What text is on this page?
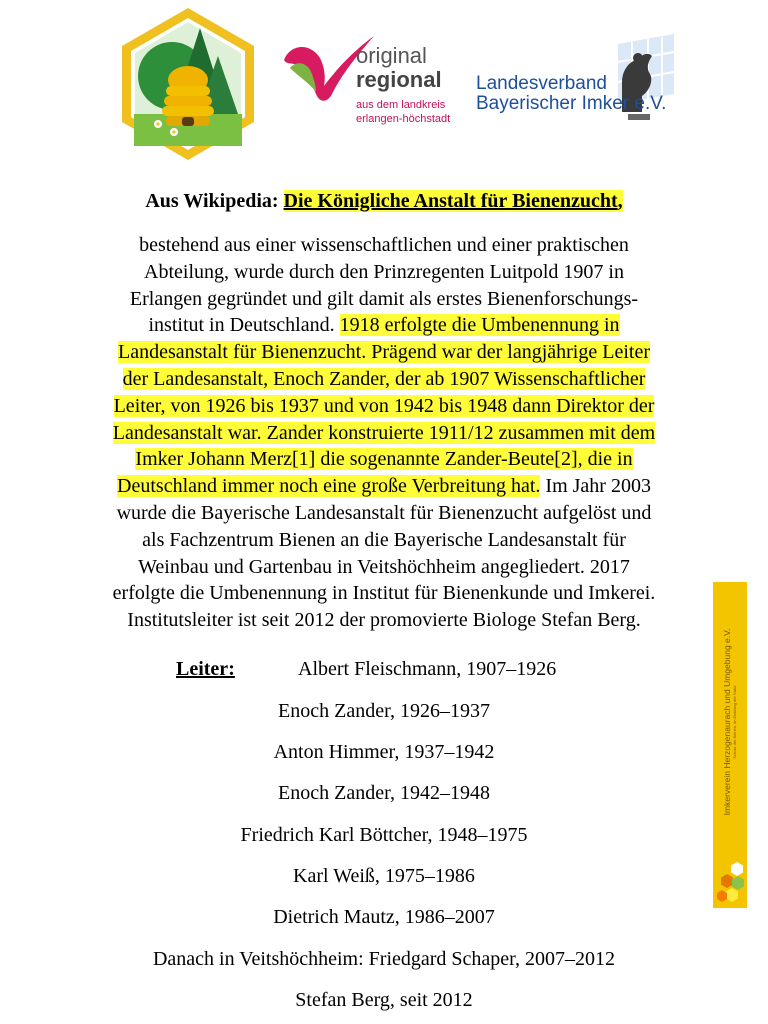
original
regional
aus dem landkreis
erlangen-höchstadt
Landesverband
Bayerischer Imker e.V.
Aus Wikipedia: Die Königliche Anstalt für Bienenzucht,
bestehend aus einer wissenschaftlichen und einer praktischen
Abteilung, wurde durch den Prinzregenten Luitpold 1907 in
Erlangen gegründet und gilt damit als erstes Bienenforschungs-
institut in Deutschland. 1918 erfolgte die Umbenennung in
Landesanstalt für Bienenzucht. Prägend war der langjährige Leiter
der Landesanstalt, Enoch Zander, der ab 1907 Wissenschaftlicher
Leiter, von 1926 bis 1937 und von 1942 bis 1948 dann Direktor der
Landesanstalt war. Zander konstruierte 1911/12 zusammen mit dem
Imker Johann Merz[1] die sogenannte Zander-Beute[2], die in
Deutschland immer noch eine große Verbreitung hat. Im Jahr 2003
wurde die Bayerische Landesanstalt für Bienenzucht aufgelöst und
als Fachzentrum Bienen an die Bayerische Landesanstalt für
Weinbau und Gartenbau in Veitshöchheim angegliedert. 2017
erfolgte die Umbenennung in Institut für Bienenkunde und Imkerei.
Institutsleiter ist seit 2012 der promovierte Biologe Stefan Berg.
Leiter:	Albert Fleischmann, 1907–1926
Enoch Zander, 1926–1937
Anton Himmer, 1937–1942
Enoch Zander, 1942–1948
Friedrich Karl Böttcher, 1948–1975
Karl Weiß, 1975–1986
Dietrich Mautz, 1986–2007
Danach in Veitshöchheim: Friedgard Schaper, 2007–2012
Stefan Berg, seit 2012
Imkerverein Herzogenaurach und Umgebung e.V. Schutz der Bienen, im Einklang der Natur
